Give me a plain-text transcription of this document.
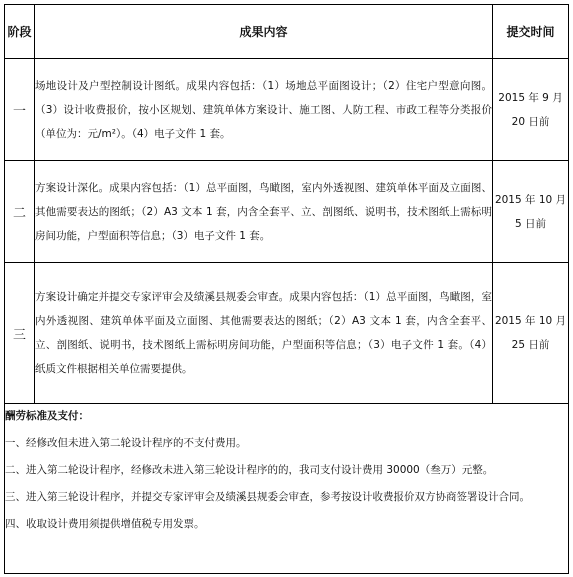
阶段	成果内容	提交时间
一	场地设计及户型控制设计图纸。成果内容包括：（1）场地总平面图设计；（2）住宅户型意向图。（3）设计收费报价，按小区规划、建筑单体方案设计、施工图、人防工程、市政工程等分类报价（单位为：元/m²）。（4）电子文件 1 套。	2015 年 9 月 20 日前
二	方案设计深化。成果内容包括：（1）总平面图，鸟瞰图，室内外透视图、建筑单体平面及立面图、其他需要表达的图纸；（2）A3 文本 1 套，内含全套平、立、剖图纸、说明书，技术图纸上需标明房间功能，户型面积等信息；（3）电子文件 1 套。	2015 年 10 月 5 日前
三	方案设计确定并提交专家评审会及绩溪县规委会审查。成果内容包括：（1）总平面图，鸟瞰图，室内外透视图、建筑单体平面及立面图、其他需要表达的图纸；（2）A3 文本 1 套，内含全套平、立、剖图纸、说明书，技术图纸上需标明房间功能，户型面积等信息；（3）电子文件 1 套。（4）纸质文件根据相关单位需要提供。	2015 年 10 月 25 日前

酬劳标准及支付：
一、经修改但未进入第二轮设计程序的不支付费用。
二、进入第二轮设计程序，经修改未进入第三轮设计程序的的，我司支付设计费用 30000（叁万）元整。
三、进入第三轮设计程序，并提交专家评审会及绩溪县规委会审查，参考按设计收费报价双方协商签署设计合同。
四、收取设计费用须提供增值税专用发票。		
